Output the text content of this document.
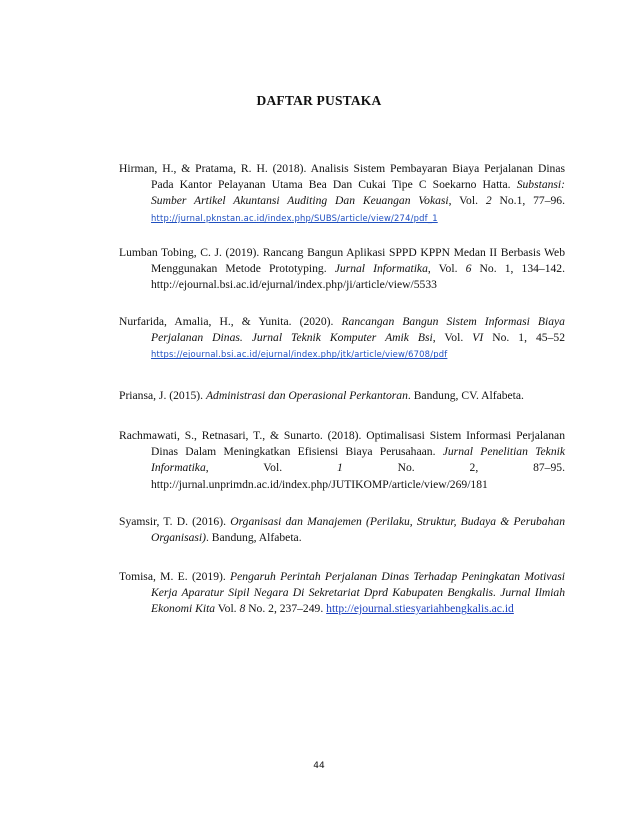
DAFTAR PUSTAKA
Hirman, H., & Pratama, R. H. (2018). Analisis Sistem Pembayaran Biaya Perjalanan Dinas Pada Kantor Pelayanan Utama Bea Dan Cukai Tipe C Soekarno Hatta. Substansi: Sumber Artikel Akuntansi Auditing Dan Keuangan Vokasi, Vol. 2 No.1, 77–96. http://jurnal.pknstan.ac.id/index.php/SUBS/article/view/274/pdf_1
Lumban Tobing, C. J. (2019). Rancang Bangun Aplikasi SPPD KPPN Medan II Berbasis Web Menggunakan Metode Prototyping. Jurnal Informatika, Vol. 6 No. 1, 134–142. http://ejournal.bsi.ac.id/ejurnal/index.php/ji/article/view/5533
Nurfarida, Amalia, H., & Yunita. (2020). Rancangan Bangun Sistem Informasi Biaya Perjalanan Dinas. Jurnal Teknik Komputer Amik Bsi, Vol. VI No. 1, 45–52 https://ejournal.bsi.ac.id/ejurnal/index.php/jtk/article/view/6708/pdf
Priansa, J. (2015). Administrasi dan Operasional Perkantoran. Bandung, CV. Alfabeta.
Rachmawati, S., Retnasari, T., & Sunarto. (2018). Optimalisasi Sistem Informasi Perjalanan Dinas Dalam Meningkatkan Efisiensi Biaya Perusahaan. Jurnal Penelitian Teknik Informatika, Vol.	1	No. 2, 87–95. http://jurnal.unprimdn.ac.id/index.php/JUTIKOMP/article/view/269/181
Syamsir, T. D. (2016). Organisasi dan Manajemen (Perilaku, Struktur, Budaya & Perubahan Organisasi). Bandung, Alfabeta.
Tomisa, M. E. (2019). Pengaruh Perintah Perjalanan Dinas Terhadap Peningkatan Motivasi Kerja Aparatur Sipil Negara Di Sekretariat Dprd Kabupaten Bengkalis. Jurnal Ilmiah Ekonomi Kita Vol. 8 No. 2, 237–249. http://ejournal.stiesyariahbengkalis.ac.id
44
